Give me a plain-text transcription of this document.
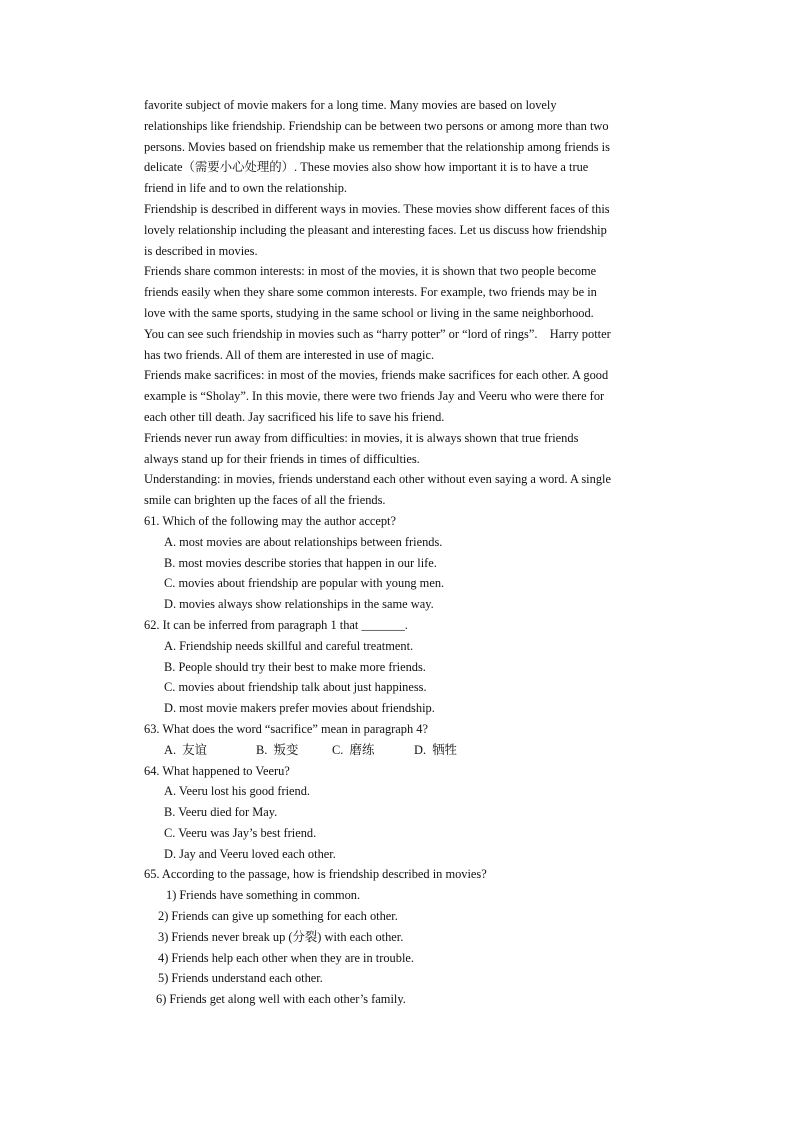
favorite subject of movie makers for a long time. Many movies are based on lovely
relationships like friendship. Friendship can be between two persons or among more than two
persons. Movies based on friendship make us remember that the relationship among friends is
delicate（需要小心处理的）. These movies also show how important it is to have a true
friend in life and to own the relationship.
Friendship is described in different ways in movies. These movies show different faces of this
lovely relationship including the pleasant and interesting faces. Let us discuss how friendship
is described in movies.
Friends share common interests: in most of the movies, it is shown that two people become
friends easily when they share some common interests. For example, two friends may be in
love with the same sports, studying in the same school or living in the same neighborhood.
You can see such friendship in movies such as “harry potter” or “lord of rings”.    Harry potter
has two friends. All of them are interested in use of magic.
Friends make sacrifices: in most of the movies, friends make sacrifices for each other. A good
example is “Sholay”. In this movie, there were two friends Jay and Veeru who were there for
each other till death. Jay sacrificed his life to save his friend.
Friends never run away from difficulties: in movies, it is always shown that true friends
always stand up for their friends in times of difficulties.
Understanding: in movies, friends understand each other without even saying a word. A single
smile can brighten up the faces of all the friends.
61. Which of the following may the author accept?
A. most movies are about relationships between friends.
B. most movies describe stories that happen in our life.
C. movies about friendship are popular with young men.
D. movies always show relationships in the same way.
62. It can be inferred from paragraph 1 that _______.
A. Friendship needs skillful and careful treatment.
B. People should try their best to make more friends.
C. movies about friendship talk about just happiness.
D. most movie makers prefer movies about friendship.
63. What does the word “sacrifice” mean in paragraph 4?
A.  友谊	B.  叛变	C.  磨练	D.  牺牲
64. What happened to Veeru?
A. Veeru lost his good friend.
B. Veeru died for May.
C. Veeru was Jay’s best friend.
D. Jay and Veeru loved each other.
65. According to the passage, how is friendship described in movies?
1) Friends have something in common.
2) Friends can give up something for each other.
3) Friends never break up (分裂) with each other.
4) Friends help each other when they are in trouble.
5) Friends understand each other.
6) Friends get along well with each other’s family.
